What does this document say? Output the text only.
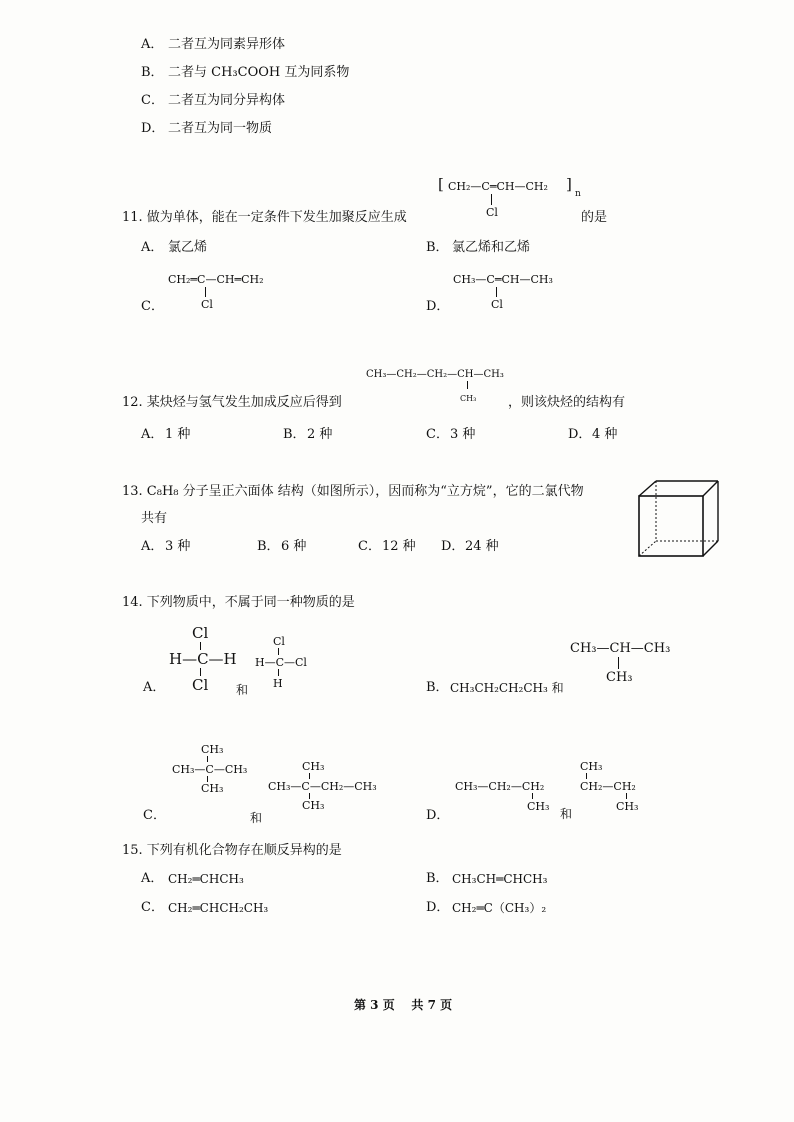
A． 二者互为同素异形体
B． 二者与 CH₃COOH 互为同系物
C． 二者互为同分异构体
D． 二者互为同一物质
[ CH₂—C═CH—CH₂ ]
n
Cl
11. 做为单体，能在一定条件下发生加聚反应生成	的是
A． 氯乙烯	B． 氯乙烯和乙烯
C．
CH₂═C—CH═CH₂
Cl	D．
CH₃—C═CH—CH₃
Cl
CH₃—CH₂—CH₂—CH—CH₃
CH₃
12. 某炔烃与氢气发生加成反应后得到	，则该炔烃的结构有
A． 1 种	B． 2 种	C． 3 种	D． 4 种
13. C₈H₈ 分子呈正六面体 结构（如图所示），因而称为“立方烷”，它的二氯代物
共有
A． 3 种	B． 6 种	C． 12 种 D． 24 种
14. 下列物质中，不属于同一种物质的是
A．
Cl
H—C—H
Cl 和
Cl
H—C—Cl
H	B． CH₃CH₂CH₂CH₃ 和
CH₃—CH—CH₃
CH₃
C．
CH₃
CH₃—C—CH₃
CH₃
和
CH₃
CH₃—C—CH₂—CH₃
CH₃
D．
CH₃—CH₂—CH₂
CH₃
和
CH₃
CH₂—CH₂
CH₃
15. 下列有机化合物存在顺反异构的是
A． CH₂═CHCH₃	B． CH₃CH═CHCH₃
C． CH₂═CHCH₂CH₃	D． CH₂═C（CH₃）₂
第 3 页    共 7 页
